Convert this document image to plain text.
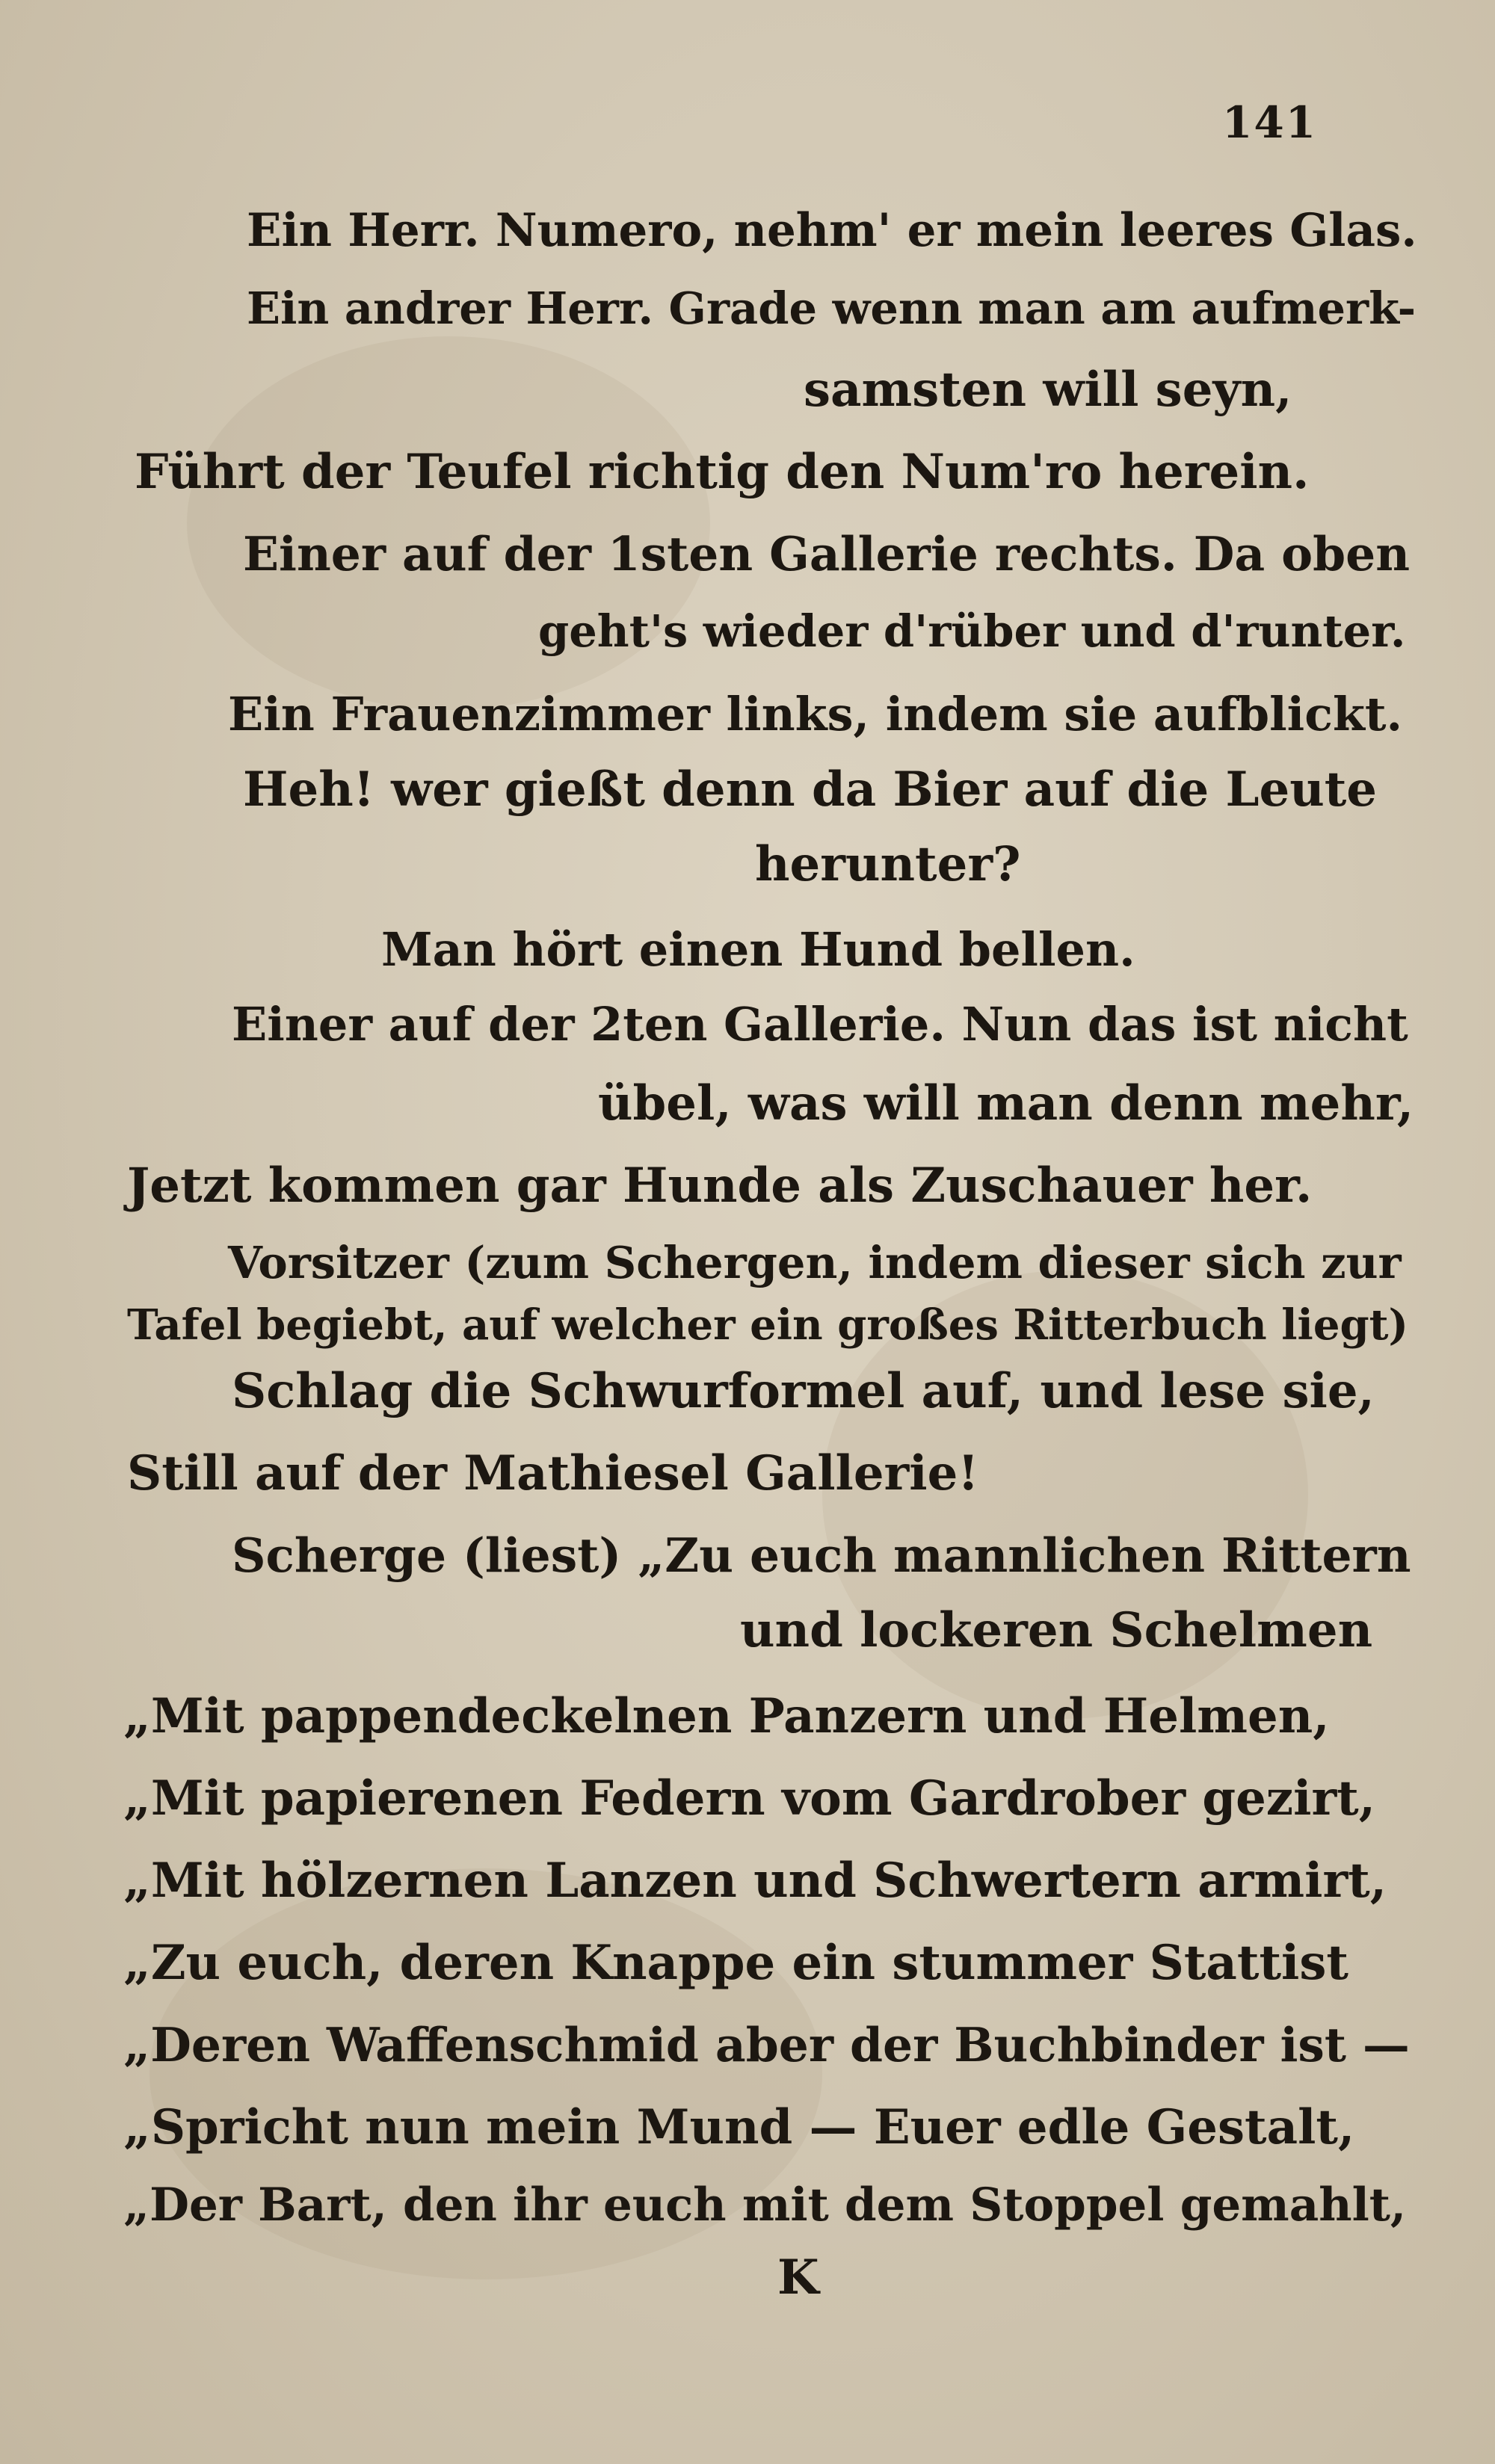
141
Ein Herr. Numero, nehm' er mein leeres Glas.
Ein andrer Herr. Grade wenn man am aufmerk-
samsten will seyn,
Führt der Teufel richtig den Num'ro herein.
Einer auf der 1sten Gallerie rechts. Da oben
geht's wieder d'rüber und d'runter.
Ein Frauenzimmer links, indem sie aufblickt.
Heh! wer gießt denn da Bier auf die Leute
herunter?
Man hört einen Hund bellen.
Einer auf der 2ten Gallerie. Nun das ist nicht
übel, was will man denn mehr,
Jetzt kommen gar Hunde als Zuschauer her.
Vorsitzer (zum Schergen, indem dieser sich zur
Tafel begiebt, auf welcher ein großes Ritterbuch liegt)
Schlag die Schwurformel auf, und lese sie,
Still auf der Mathiesel Gallerie!
Scherge (liest) „Zu euch mannlichen Rittern
und lockeren Schelmen
„Mit pappendeckelnen Panzern und Helmen,
„Mit papierenen Federn vom Gardrober gezirt,
„Mit hölzernen Lanzen und Schwertern armirt,
„Zu euch, deren Knappe ein stummer Stattist
„Deren Waffenschmid aber der Buchbinder ist —
„Spricht nun mein Mund — Euer edle Gestalt,
„Der Bart, den ihr euch mit dem Stoppel gemahlt,
K
